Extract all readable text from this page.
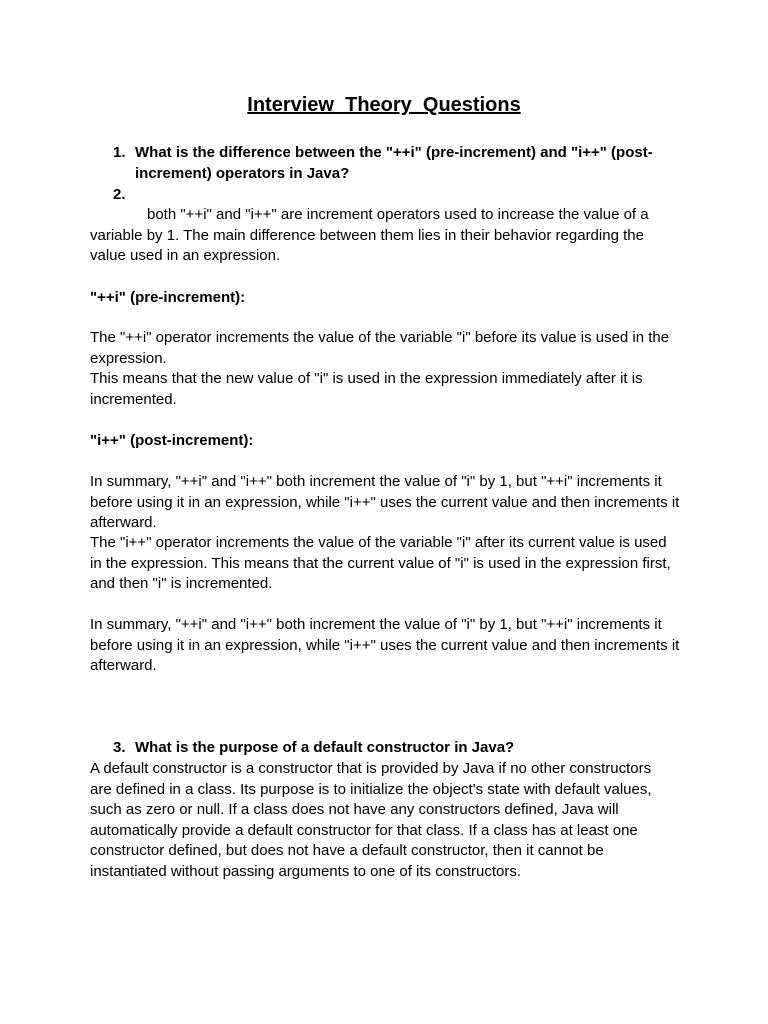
Interview_Theory_Questions
1. What is the difference between the "++i" (pre-increment) and "i++" (post-increment) operators in Java?
2.

both "++i" and "i++" are increment operators used to increase the value of a variable by 1. The main difference between them lies in their behavior regarding the value used in an expression.

"++i" (pre-increment):

The "++i" operator increments the value of the variable "i" before its value is used in the expression.

This means that the new value of "i" is used in the expression immediately after it is incremented.

"i++" (post-increment):

In summary, "++i" and "i++" both increment the value of "i" by 1, but "++i" increments it before using it in an expression, while "i++" uses the current value and then increments it afterward.

The "i++" operator increments the value of the variable "i" after its current value is used in the expression. This means that the current value of "i" is used in the expression first, and then "i" is incremented.

In summary, "++i" and "i++" both increment the value of "i" by 1, but "++i" increments it before using it in an expression, while "i++" uses the current value and then increments it afterward.

3. What is the purpose of a default constructor in Java?

A default constructor is a constructor that is provided by Java if no other constructors are defined in a class. Its purpose is to initialize the object's state with default values, such as zero or null. If a class does not have any constructors defined, Java will automatically provide a default constructor for that class. If a class has at least one constructor defined, but does not have a default constructor, then it cannot be instantiated without passing arguments to one of its constructors.
